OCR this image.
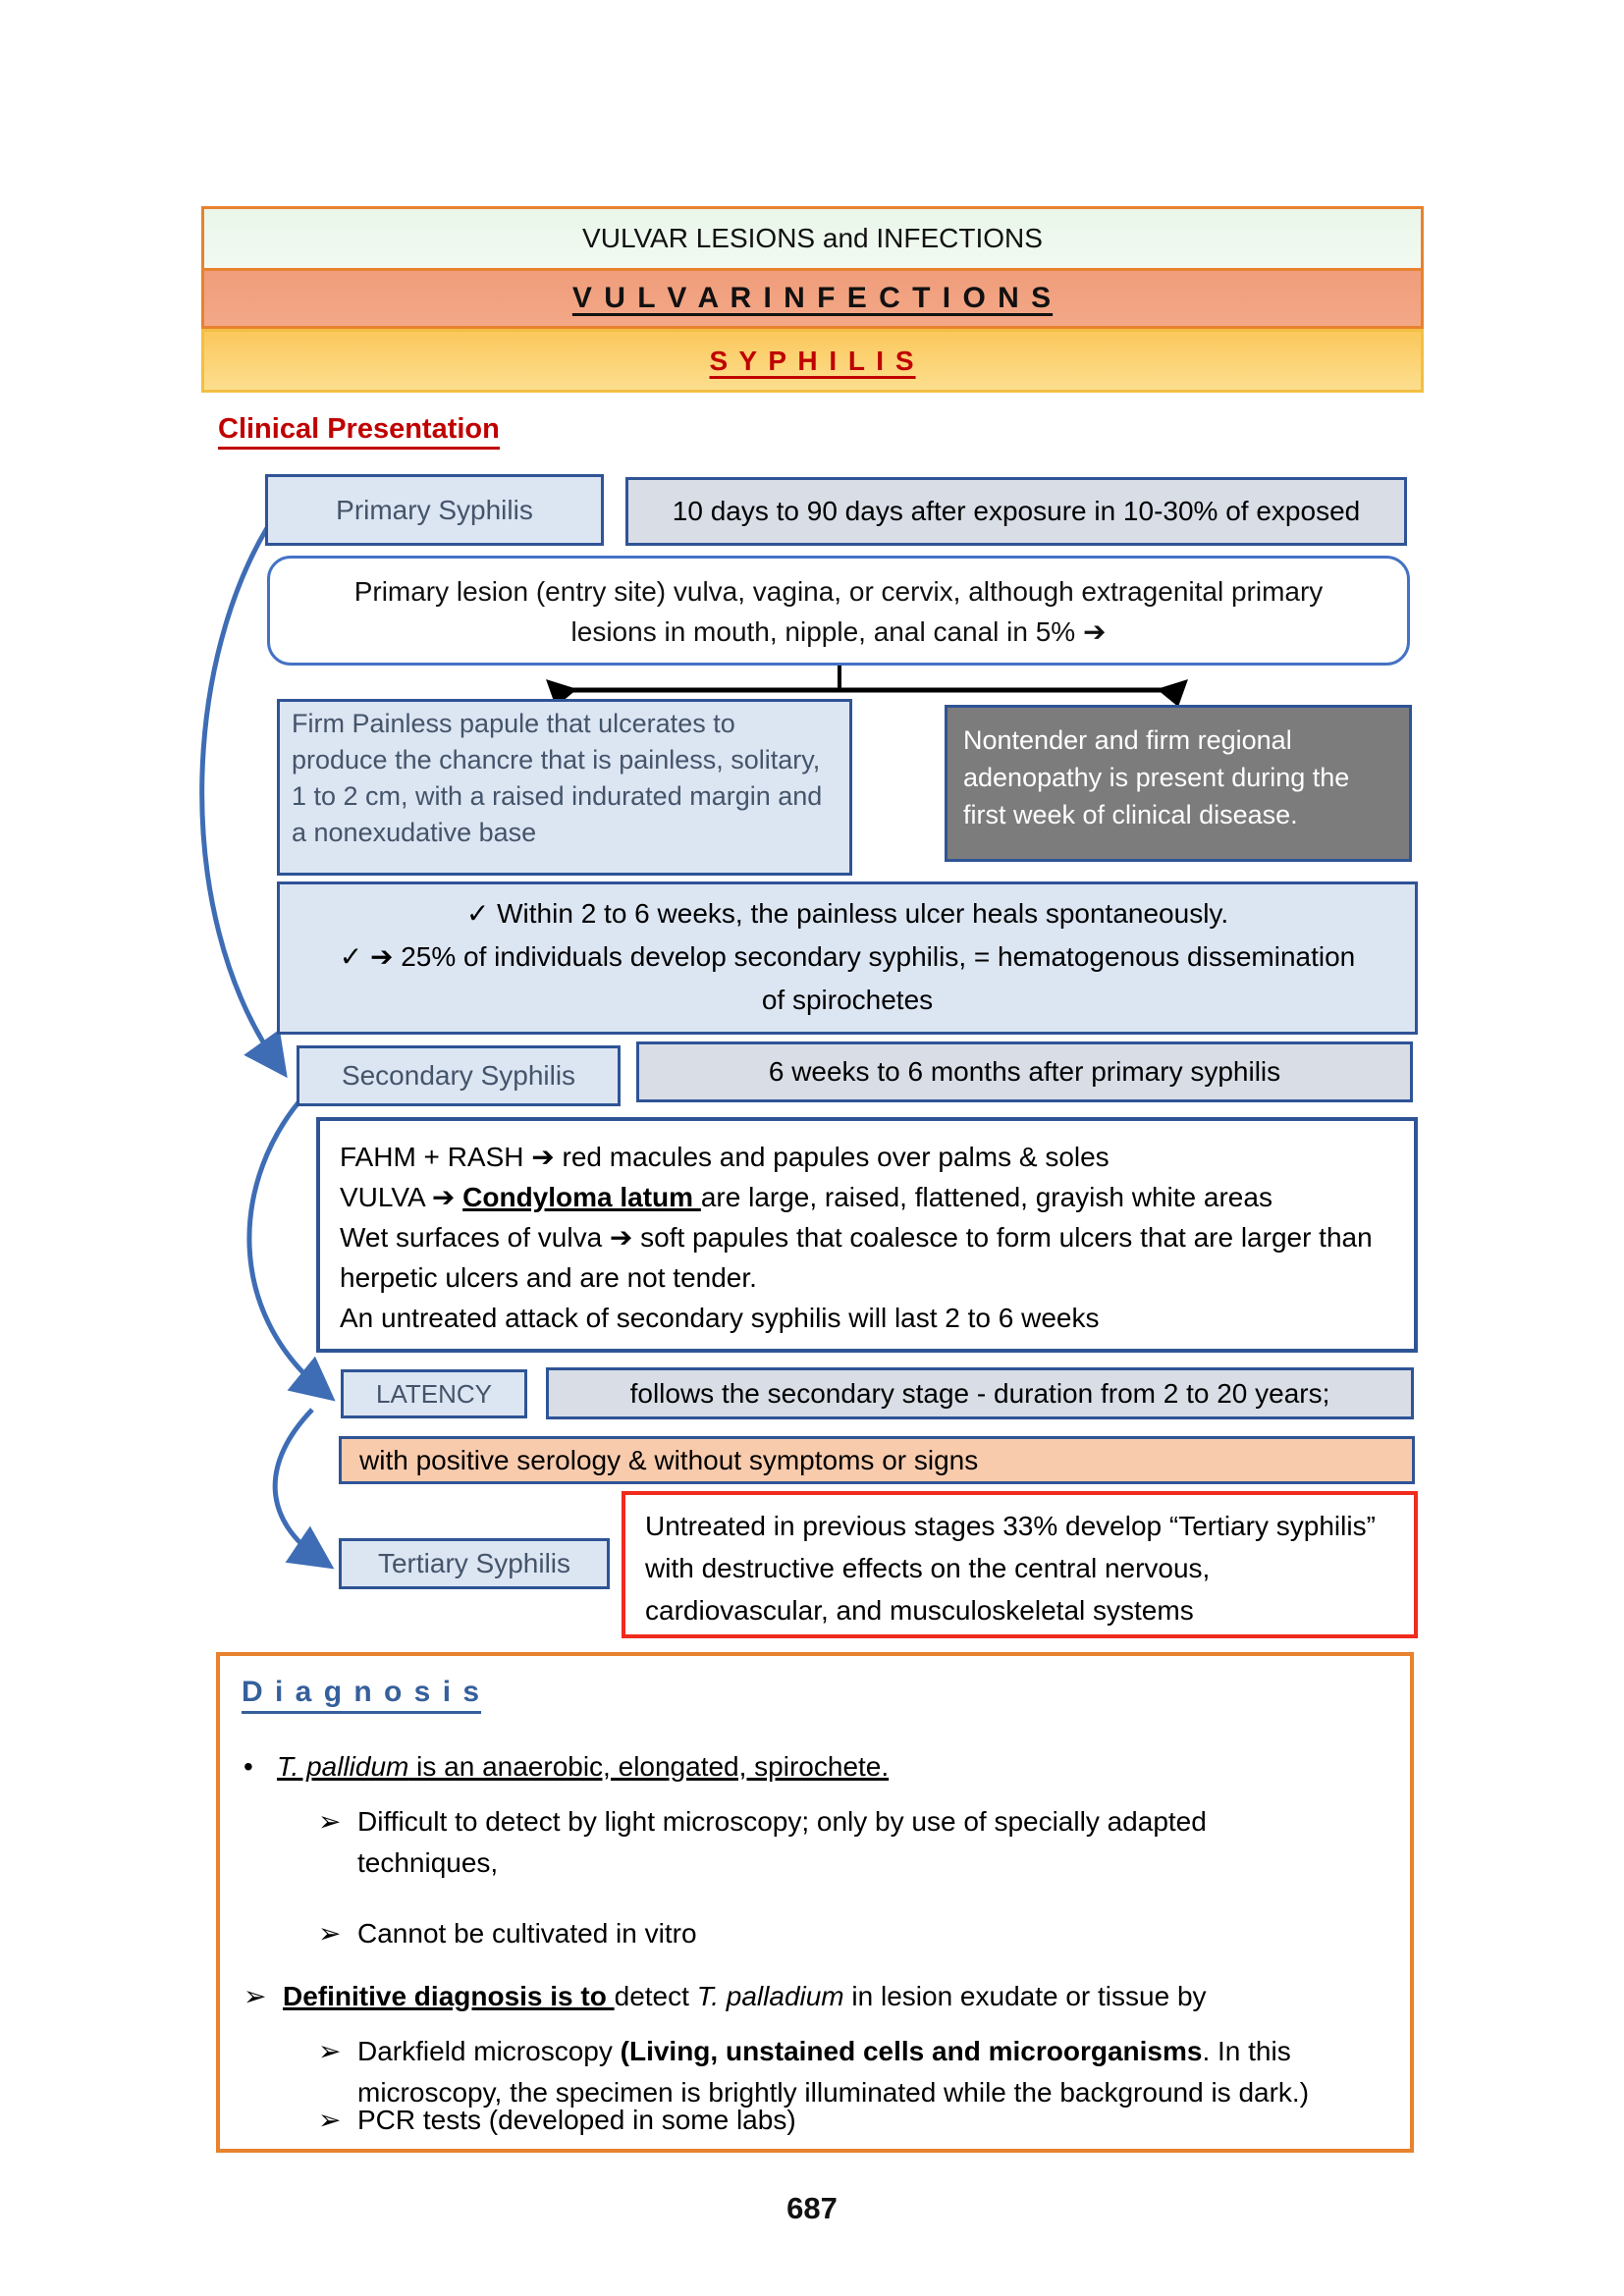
VULVAR LESIONS and INFECTIONS
V U L V A R I N F E C T I O N S
S Y P H I L I S
Clinical Presentation
Primary Syphilis	10 days to 90 days after exposure in 10-30% of exposed
Primary lesion (entry site) vulva, vagina, or cervix, although extragenital primary
lesions in mouth, nipple, anal canal in 5% ➔
Firm Painless papule that ulcerates to produce the chancre that is painless, solitary, 1 to 2 cm, with a raised indurated margin and a nonexudative base
Nontender and firm regional adenopathy is present during the first week of clinical disease.
✓ Within 2 to 6 weeks, the painless ulcer heals spontaneously.
✓ ➔ 25% of individuals develop secondary syphilis, = hematogenous dissemination
of spirochetes
Secondary Syphilis	6 weeks to 6 months after primary syphilis
FAHM + RASH ➔ red macules and papules over palms & soles
VULVA ➔ Condyloma latum are large, raised, flattened, grayish white areas
Wet surfaces of vulva ➔ soft papules that coalesce to form ulcers that are larger than herpetic ulcers and are not tender.
An untreated attack of secondary syphilis will last 2 to 6 weeks
LATENCY	follows the secondary stage - duration from 2 to 20 years;
with positive serology & without symptoms or signs
Tertiary Syphilis
Untreated in previous stages 33% develop “Tertiary syphilis” with destructive effects on the central nervous, cardiovascular, and musculoskeletal systems
D i a g n o s i s
• T. pallidum is an anaerobic, elongated, spirochete.
➢ Difficult to detect by light microscopy; only by use of specially adapted techniques,
➢ Cannot be cultivated in vitro
➢ Definitive diagnosis is to detect T. palladium in lesion exudate or tissue by
➢ Darkfield microscopy (Living, unstained cells and microorganisms. In this microscopy, the specimen is brightly illuminated while the background is dark.)
➢ PCR tests (developed in some labs)
687
